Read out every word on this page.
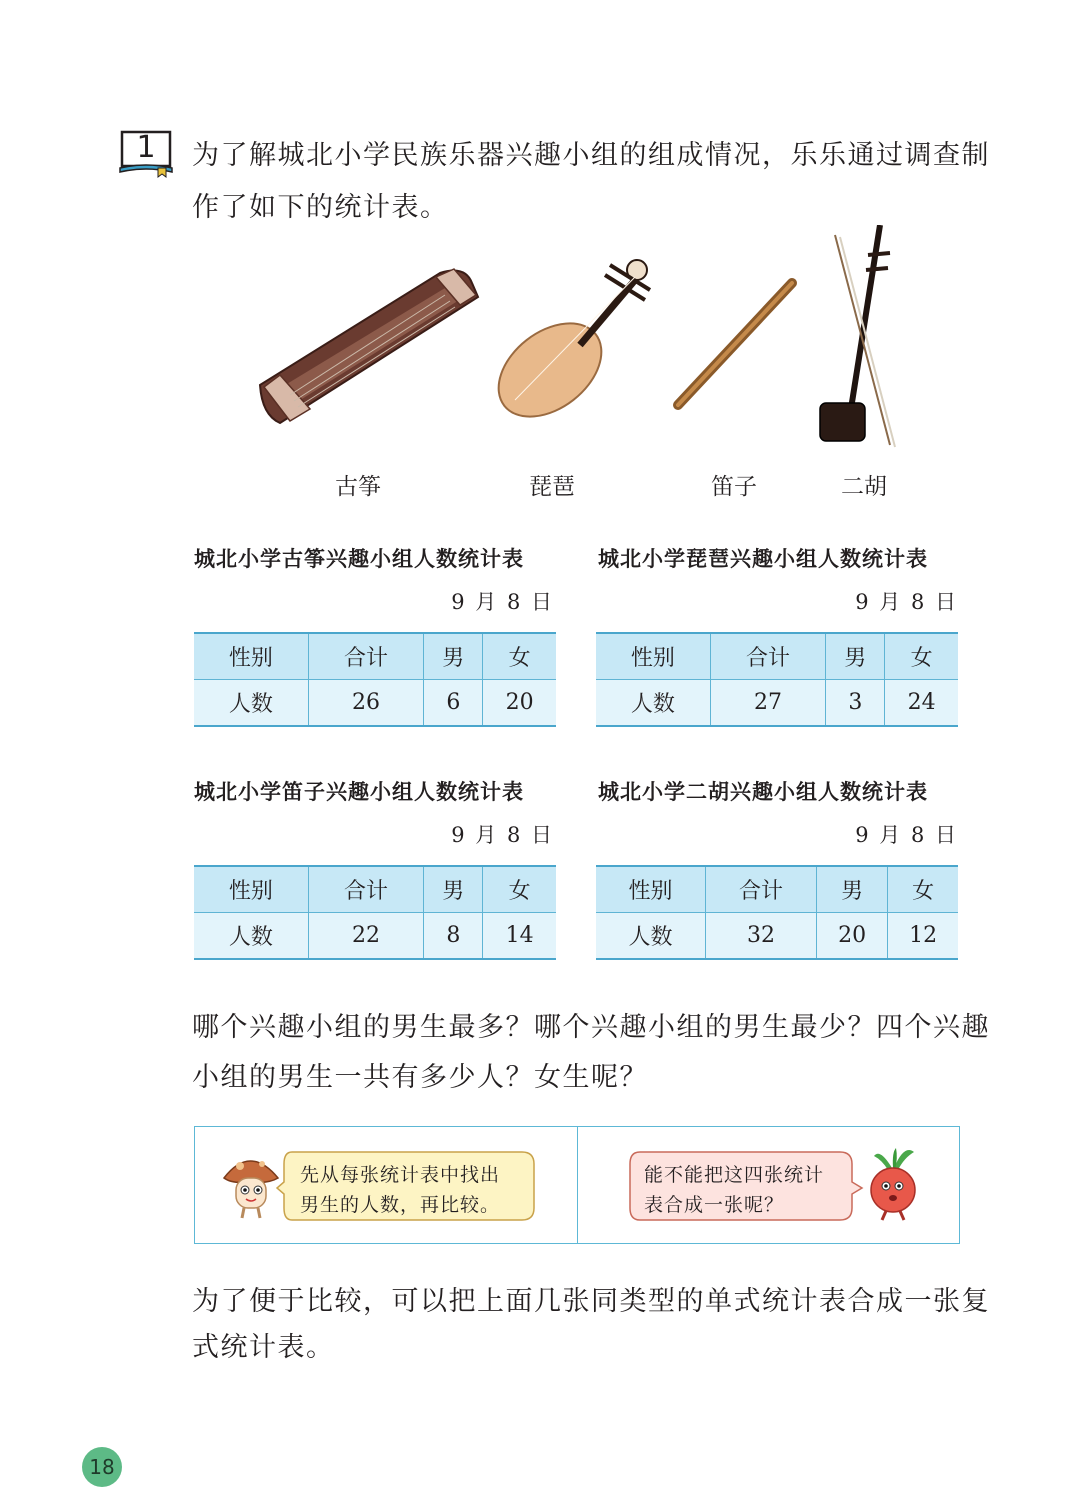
1	为了解城北小学民族乐器兴趣小组的组成情况，乐乐通过调查制
作了如下的统计表。
古筝	琵琶	笛子	二胡
城北小学古筝兴趣小组人数统计表
9 月 8 日
性别	合计	男	女
人数	26	6	20
城北小学琵琶兴趣小组人数统计表
9 月 8 日
性别	合计	男	女
人数	27	3	24
城北小学笛子兴趣小组人数统计表
9 月 8 日
性别	合计	男	女
人数	22	8	14
城北小学二胡兴趣小组人数统计表
9 月 8 日
性别	合计	男	女
人数	32	20	12
哪个兴趣小组的男生最多？哪个兴趣小组的男生最少？四个兴趣
小组的男生一共有多少人？女生呢？
先从每张统计表中找出
男生的人数，再比较。
能不能把这四张统计
表合成一张呢？
为了便于比较，可以把上面几张同类型的单式统计表合成一张复
式统计表。
18
